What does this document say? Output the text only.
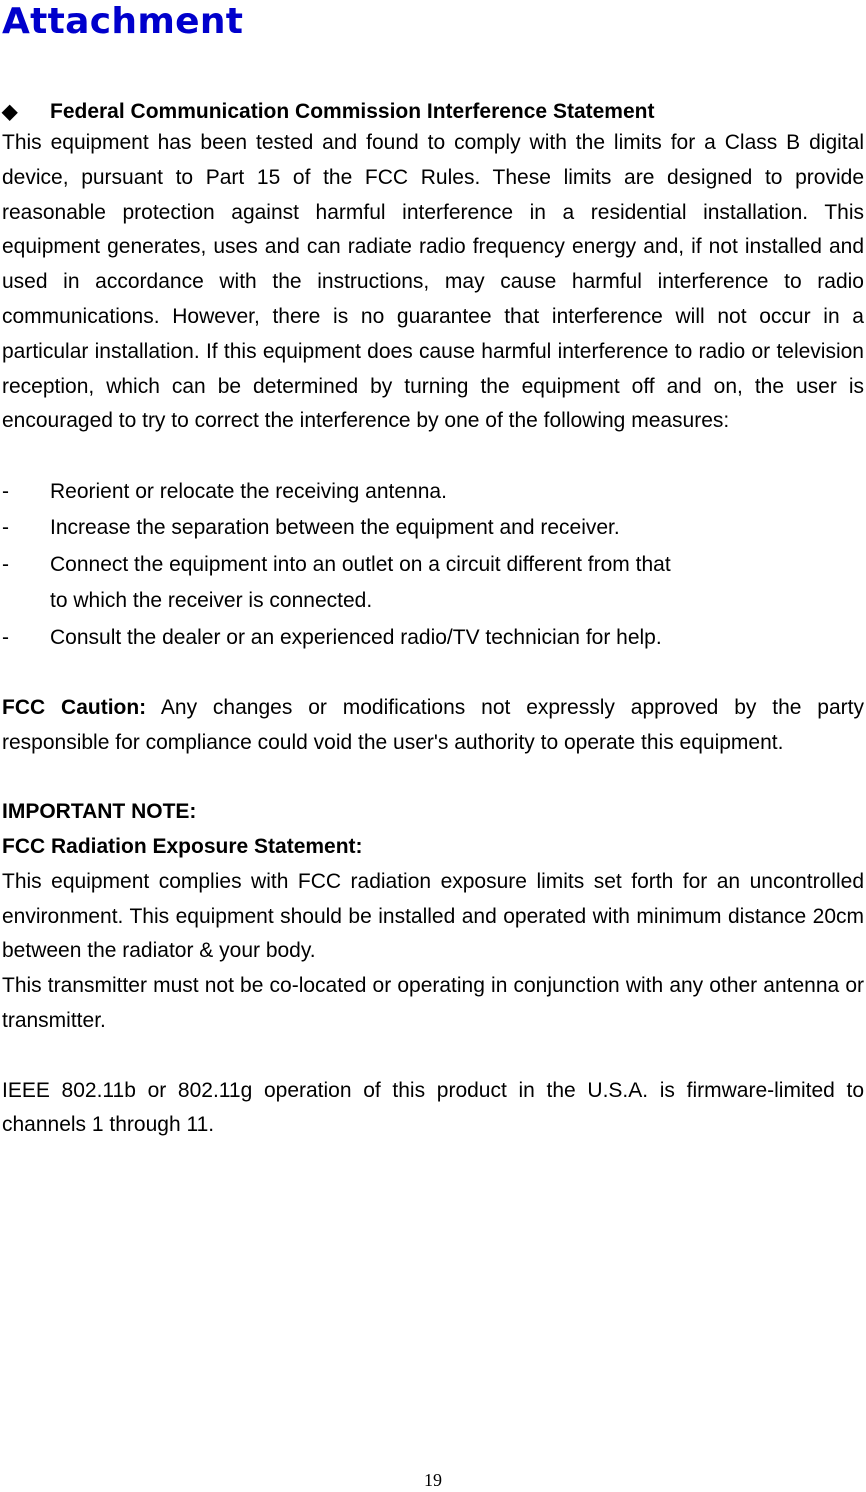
Attachment
◆	Federal Communication Commission Interference Statement

This equipment has been tested and found to comply with the limits for a Class B digital device, pursuant to Part 15 of the FCC Rules. These limits are designed to provide reasonable protection against harmful interference in a residential installation. This equipment generates, uses and can radiate radio frequency energy and, if not installed and used in accordance with the instructions, may cause harmful interference to radio communications. However, there is no guarantee that interference will not occur in a particular installation. If this equipment does cause harmful interference to radio or television reception, which can be determined by turning the equipment off and on, the user is encouraged to try to correct the interference by one of the following measures:

-	Reorient or relocate the receiving antenna.
-	Increase the separation between the equipment and receiver.
-	Connect the equipment into an outlet on a circuit different from that
to which the receiver is connected.
-	Consult the dealer or an experienced radio/TV technician for help.

FCC Caution: Any changes or modifications not expressly approved by the party responsible for compliance could void the user's authority to operate this equipment.

IMPORTANT NOTE:
FCC Radiation Exposure Statement:

This equipment complies with FCC radiation exposure limits set forth for an uncontrolled environment. This equipment should be installed and operated with minimum distance 20cm between the radiator & your body.

This transmitter must not be co-located or operating in conjunction with any other antenna or transmitter.

IEEE 802.11b or 802.11g operation of this product in the U.S.A. is firmware-limited to channels 1 through 11.

19
